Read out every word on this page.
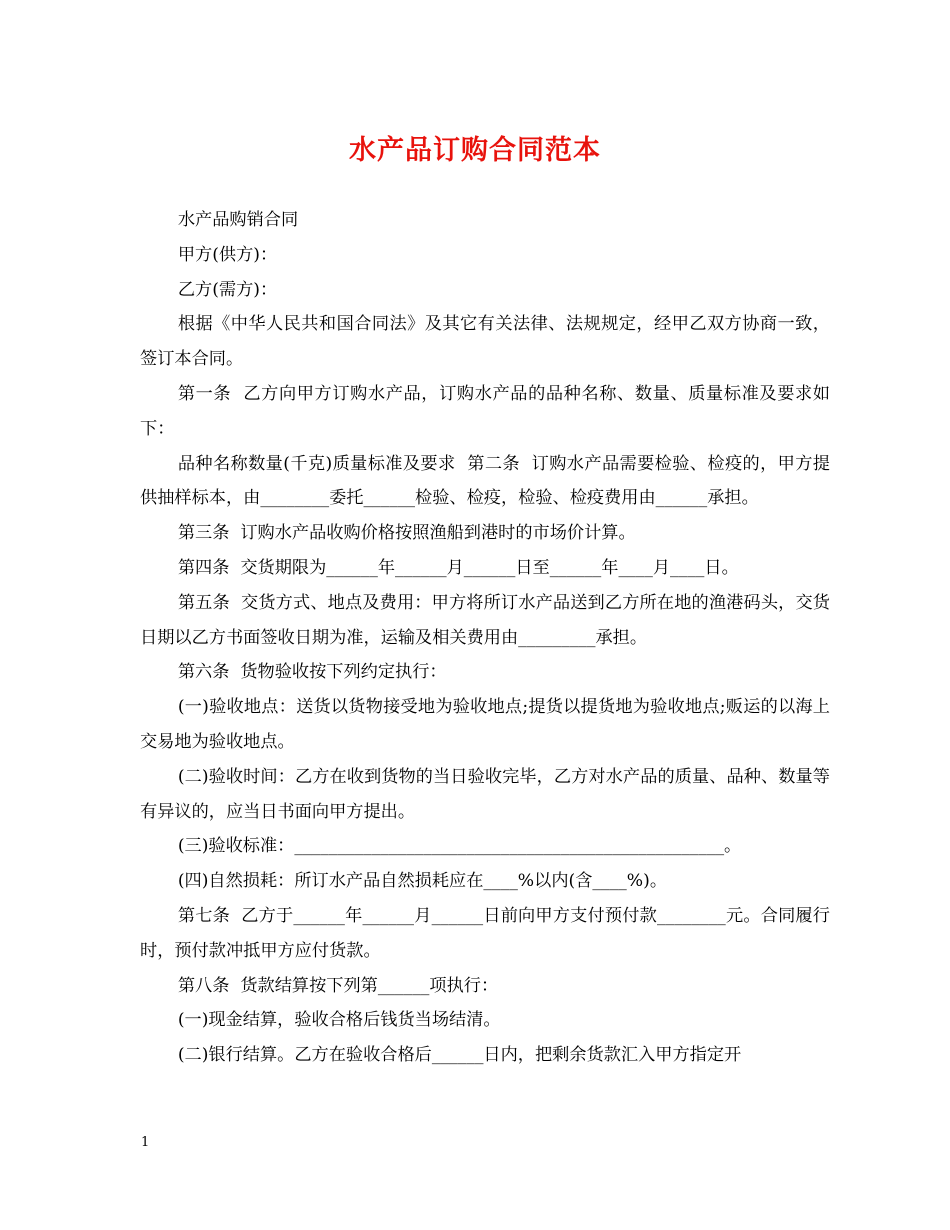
水产品订购合同范本

水产品购销合同

甲方(供方)：

乙方(需方)：

根据《中华人民共和国合同法》及其它有关法律、法规规定，经甲乙双方协商一致，签订本合同。

第一条  乙方向甲方订购水产品，订购水产品的品种名称、数量、质量标准及要求如下：

品种名称数量(千克)质量标准及要求  第二条  订购水产品需要检验、检疫的，甲方提供抽样标本，由________委托______检验、检疫，检验、检疫费用由______承担。

第三条  订购水产品收购价格按照渔船到港时的市场价计算。

第四条  交货期限为______年______月______日至______年____月____日。

第五条  交货方式、地点及费用：甲方将所订水产品送到乙方所在地的渔港码头，交货日期以乙方书面签收日期为准，运输及相关费用由_________承担。

第六条  货物验收按下列约定执行：

(一)验收地点：送货以货物接受地为验收地点;提货以提货地为验收地点;贩运的以海上交易地为验收地点。

(二)验收时间：乙方在收到货物的当日验收完毕，乙方对水产品的质量、品种、数量等有异议的，应当日书面向甲方提出。

(三)验收标准：__________________________________________________。

(四)自然损耗：所订水产品自然损耗应在____%以内(含____%)。

第七条  乙方于______年______月______日前向甲方支付预付款________元。合同履行时，预付款冲抵甲方应付货款。

第八条  货款结算按下列第______项执行：

(一)现金结算，验收合格后钱货当场结清。

(二)银行结算。乙方在验收合格后______日内，把剩余货款汇入甲方指定开

1
